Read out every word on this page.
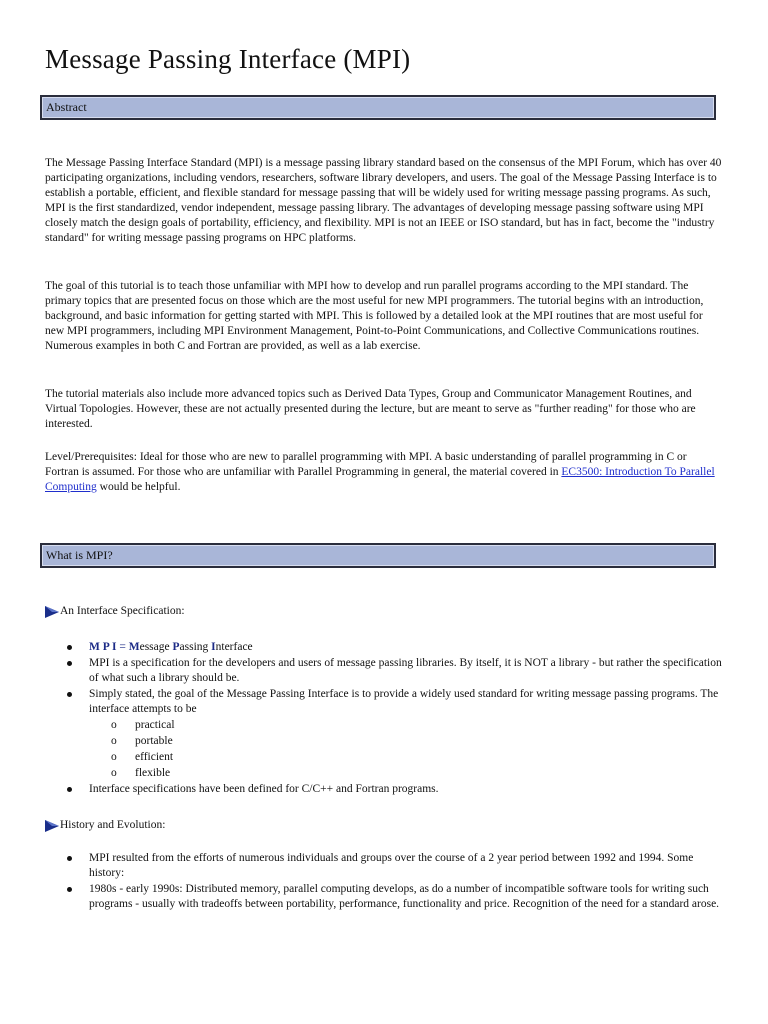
Message Passing Interface (MPI)
Abstract

The Message Passing Interface Standard (MPI) is a message passing library standard based on the consensus of the MPI Forum, which has over 40 participating organizations, including vendors, researchers, software library developers, and users. The goal of the Message Passing Interface is to establish a portable, efficient, and flexible standard for message passing that will be widely used for writing message passing programs. As such, MPI is the first standardized, vendor independent, message passing library. The advantages of developing message passing software using MPI closely match the design goals of portability, efficiency, and flexibility. MPI is not an IEEE or ISO standard, but has in fact, become the "industry standard" for writing message passing programs on HPC platforms.

The goal of this tutorial is to teach those unfamiliar with MPI how to develop and run parallel programs according to the MPI standard. The primary topics that are presented focus on those which are the most useful for new MPI programmers. The tutorial begins with an introduction, background, and basic information for getting started with MPI. This is followed by a detailed look at the MPI routines that are most useful for new MPI programmers, including MPI Environment Management, Point-to-Point Communications, and Collective Communications routines. Numerous examples in both C and Fortran are provided, as well as a lab exercise.

The tutorial materials also include more advanced topics such as Derived Data Types, Group and Communicator Management Routines, and Virtual Topologies. However, these are not actually presented during the lecture, but are meant to serve as "further reading" for those who are interested.

Level/Prerequisites: Ideal for those who are new to parallel programming with MPI. A basic understanding of parallel programming in C or Fortran is assumed. For those who are unfamiliar with Parallel Programming in general, the material covered in EC3500: Introduction To Parallel Computing would be helpful.

What is MPI?
An Interface Specification:
M P I = Message Passing Interface
MPI is a specification for the developers and users of message passing libraries. By itself, it is NOT a library - but rather the specification of what such a library should be.
Simply stated, the goal of the Message Passing Interface is to provide a widely used standard for writing message passing programs. The interface attempts to be
o practical
o portable
o efficient
o flexible
Interface specifications have been defined for C/C++ and Fortran programs.
History and Evolution:
MPI resulted from the efforts of numerous individuals and groups over the course of a 2 year period between 1992 and 1994. Some history:
1980s - early 1990s: Distributed memory, parallel computing develops, as do a number of incompatible software tools for writing such programs - usually with tradeoffs between portability, performance, functionality and price. Recognition of the need for a standard arose.
